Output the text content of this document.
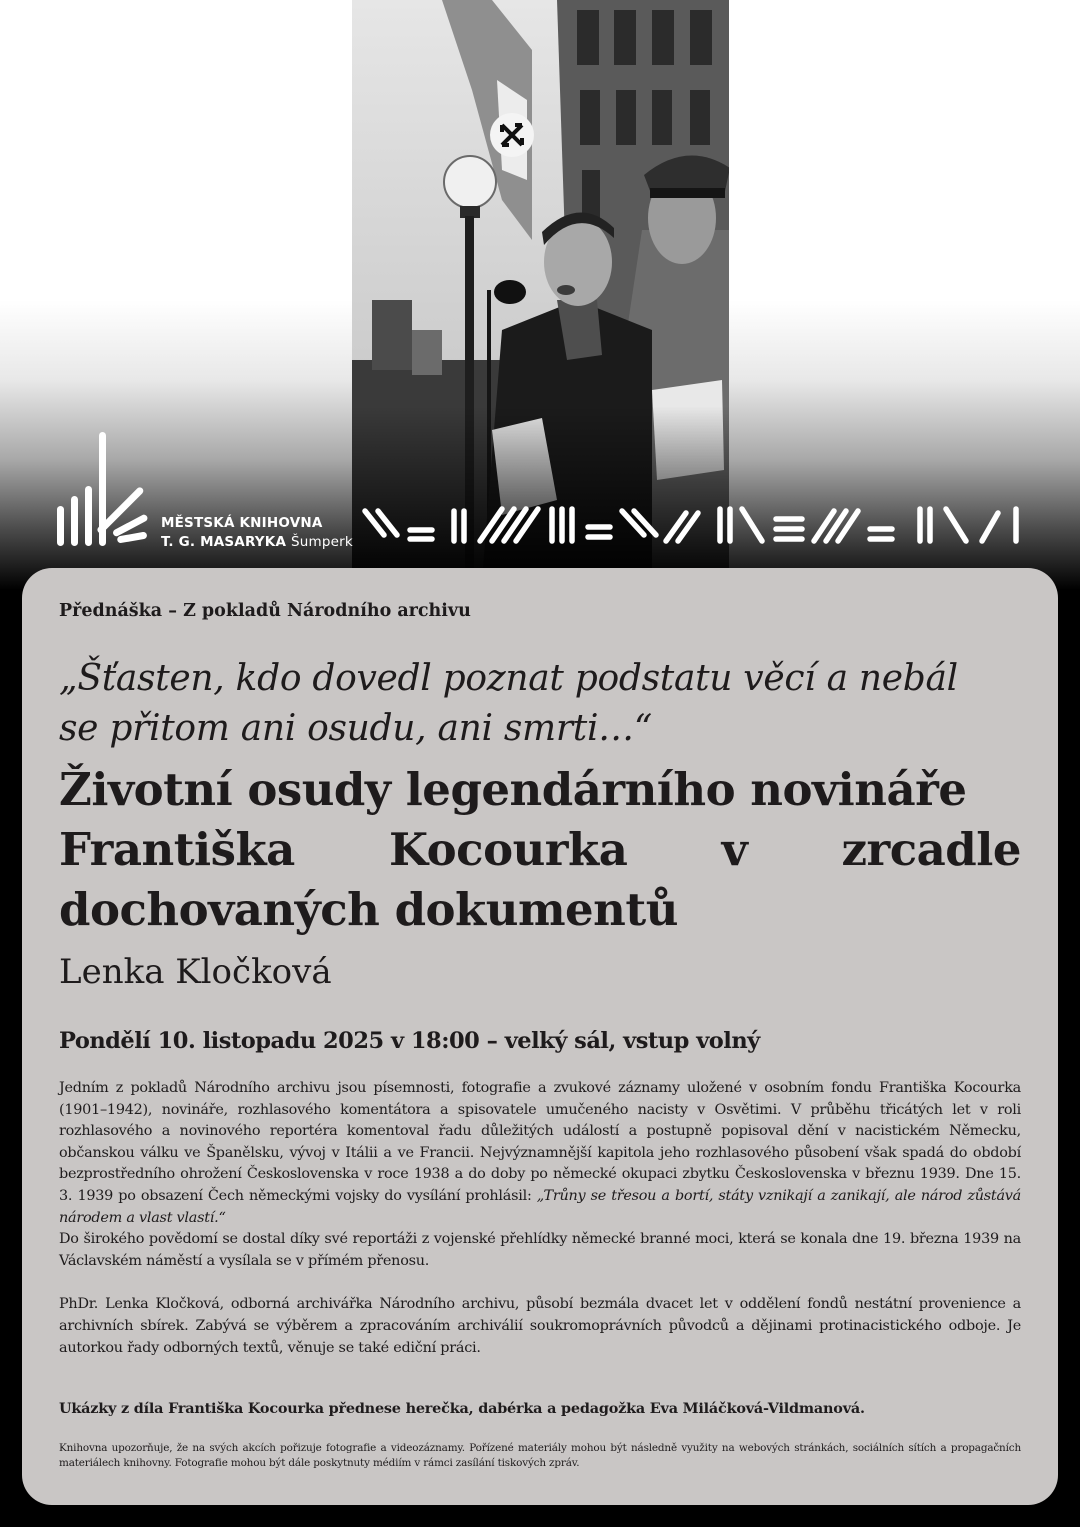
MĚSTSKÁ KNIHOVNA
T. G. MASARYKA Šumperk
Přednáška – Z pokladů Národního archivu
„Šťasten, kdo dovedl poznat podstatu věcí a nebál
se přitom ani osudu, ani smrti…“
Životní osudy legendárního novináře
Františka Kocourka v zrcadle
dochovaných dokumentů
Lenka Kločková
Pondělí 10. listopadu 2025 v 18:00 – velký sál, vstup volný

Jedním z pokladů Národního archivu jsou písemnosti, fotografie a zvukové záznamy uložené v osobním fondu Františka Kocourka (1901–1942), novináře, rozhlasového komentátora a spisovatele umučeného nacisty v Osvětimi. V průběhu třicátých let v roli rozhlasového a novinového reportéra komentoval řadu důležitých událostí a postupně popisoval dění v nacistickém Německu, občanskou válku ve Španělsku, vývoj v Itálii a ve Francii. Nejvýznamnější kapitola jeho rozhlasového působení však spadá do období bezprostředního ohrožení Československa v roce 1938 a do doby po německé okupaci zbytku Československa v březnu 1939. Dne 15. 3. 1939 po obsazení Čech německými vojsky do vysílání prohlásil: „Trůny se třesou a bortí, státy vznikají a zanikají, ale národ zůstává národem a vlast vlastí.“

Do širokého povědomí se dostal díky své reportáži z vojenské přehlídky německé branné moci, která se konala dne 19. března 1939 na Václavském náměstí a vysílala se v přímém přenosu.

PhDr. Lenka Kločková, odborná archivářka Národního archivu, působí bezmála dvacet let v oddělení fondů nestátní provenience a archivních sbírek. Zabývá se výběrem a zpracováním archiválií soukromoprávních původců a dějinami protinacistického odboje. Je autorkou řady odborných textů, věnuje se také ediční práci.

Ukázky z díla Františka Kocourka přednese herečka, dabérka a pedagožka Eva Miláčková-Vildmanová.
Knihovna upozorňuje, že na svých akcích pořizuje fotografie a videozáznamy. Pořízené materiály mohou být následně využity na webových stránkách, sociálních sítích a propagačních materiálech knihovny. Fotografie mohou být dále poskytnuty médiím v rámci zasílání tiskových zpráv.
